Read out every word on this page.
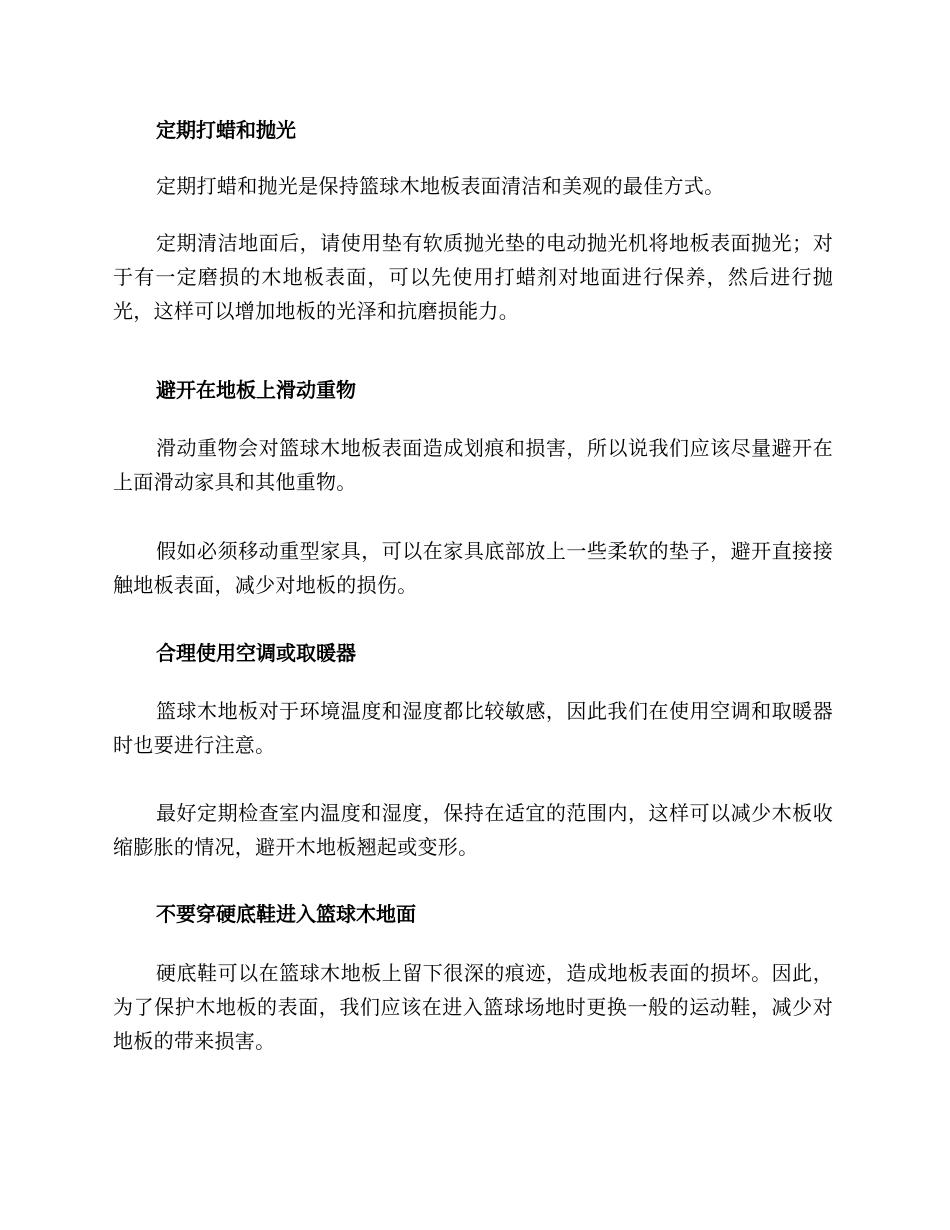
定期打蜡和抛光
定期打蜡和抛光是保持篮球木地板表面清洁和美观的最佳方式。
定期清洁地面后，请使用垫有软质抛光垫的电动抛光机将地板表面抛光；对于有一定磨损的木地板表面，可以先使用打蜡剂对地面进行保养，然后进行抛光，这样可以增加地板的光泽和抗磨损能力。
避开在地板上滑动重物
滑动重物会对篮球木地板表面造成划痕和损害，所以说我们应该尽量避开在上面滑动家具和其他重物。
假如必须移动重型家具，可以在家具底部放上一些柔软的垫子，避开直接接触地板表面，减少对地板的损伤。
合理使用空调或取暖器
篮球木地板对于环境温度和湿度都比较敏感，因此我们在使用空调和取暖器时也要进行注意。
最好定期检查室内温度和湿度，保持在适宜的范围内，这样可以减少木板收缩膨胀的情况，避开木地板翘起或变形。
不要穿硬底鞋进入篮球木地面
硬底鞋可以在篮球木地板上留下很深的痕迹，造成地板表面的损坏。因此，为了保护木地板的表面，我们应该在进入篮球场地时更换一般的运动鞋，减少对地板的带来损害。
